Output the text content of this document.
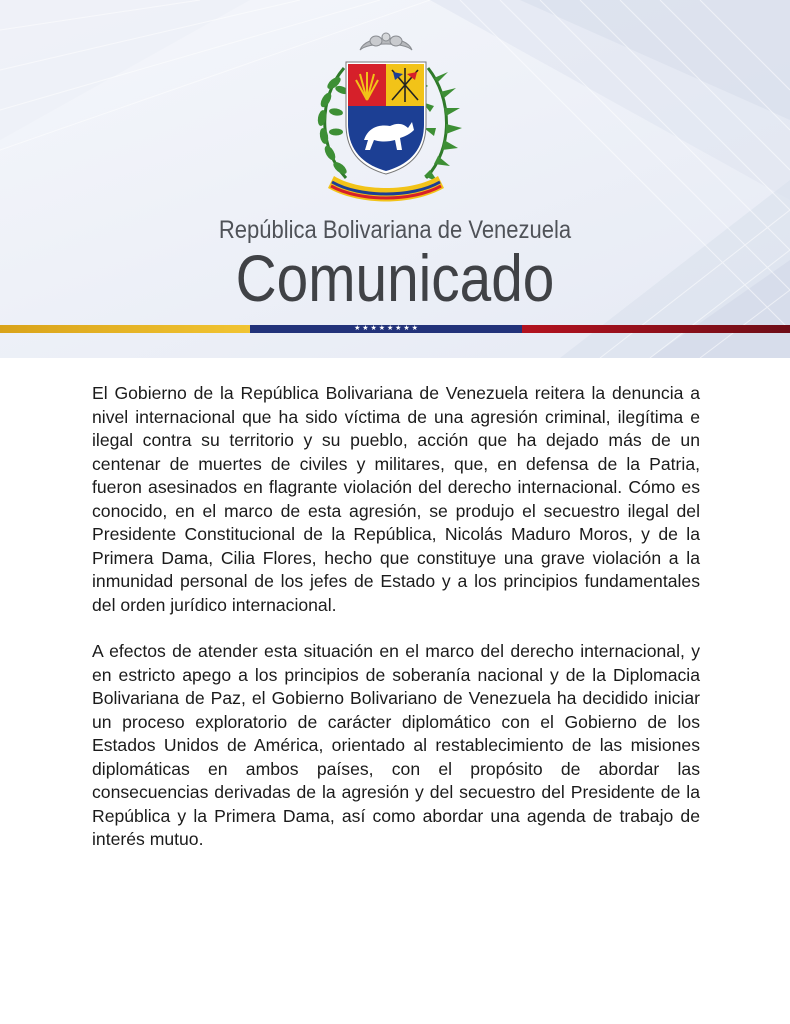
República Bolivariana de Venezuela
Comunicado
★ ★ ★ ★ ★ ★ ★ ★

El Gobierno de la República Bolivariana de Venezuela reitera la denuncia a nivel internacional que ha sido víctima de una agresión criminal, ilegítima e ilegal contra su territorio y su pueblo, acción que ha dejado más de un centenar de muertes de civiles y militares, que, en defensa de la Patria, fueron asesinados en flagrante violación del derecho internacional. Cómo es conocido, en el marco de esta agresión, se produjo el secuestro ilegal del Presidente Constitucional de la República, Nicolás Maduro Moros, y de la Primera Dama, Cilia Flores, hecho que constituye una grave violación a la inmunidad personal de los jefes de Estado y a los principios fundamentales del orden jurídico internacional.

A efectos de atender esta situación en el marco del derecho internacional, y en estricto apego a los principios de soberanía nacional y de la Diplomacia Bolivariana de Paz, el Gobierno Bolivariano de Venezuela ha decidido iniciar un proceso exploratorio de carácter diplomático con el Gobierno de los Estados Unidos de América, orientado al restablecimiento de las misiones diplomáticas en ambos países, con el propósito de abordar las consecuencias derivadas de la agresión y del secuestro del Presidente de la República y la Primera Dama, así como abordar una agenda de trabajo de interés mutuo.
